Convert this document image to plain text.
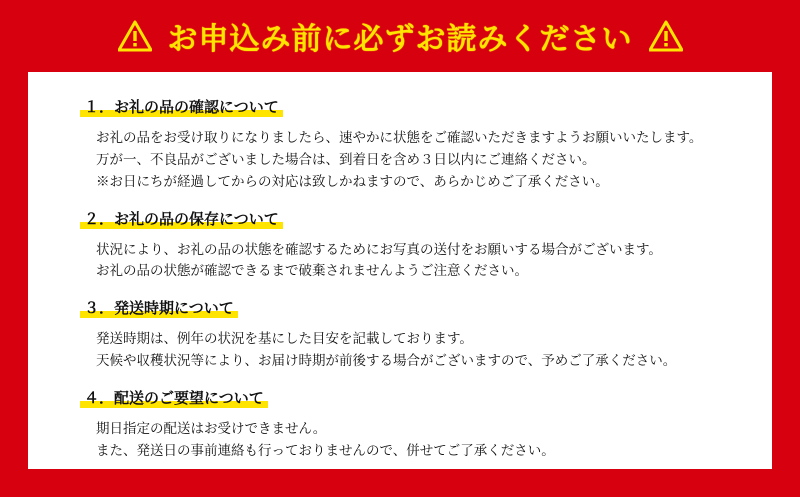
お申込み前に必ずお読みください
１．お礼の品の確認について
お礼の品をお受け取りになりましたら、速やかに状態をご確認いただきますようお願いいたします。
万が一、不良品がございました場合は、到着日を含め３日以内にご連絡ください。
※お日にちが経過してからの対応は致しかねますので、あらかじめご了承ください。
２．お礼の品の保存について
状況により、お礼の品の状態を確認するためにお写真の送付をお願いする場合がございます。
お礼の品の状態が確認できるまで破棄されませんようご注意ください。
３．発送時期について
発送時期は、例年の状況を基にした目安を記載しております。
天候や収穫状況等により、お届け時期が前後する場合がございますので、予めご了承ください。
４．配送のご要望について
期日指定の配送はお受けできません。
また、発送日の事前連絡も行っておりませんので、併せてご了承ください。
